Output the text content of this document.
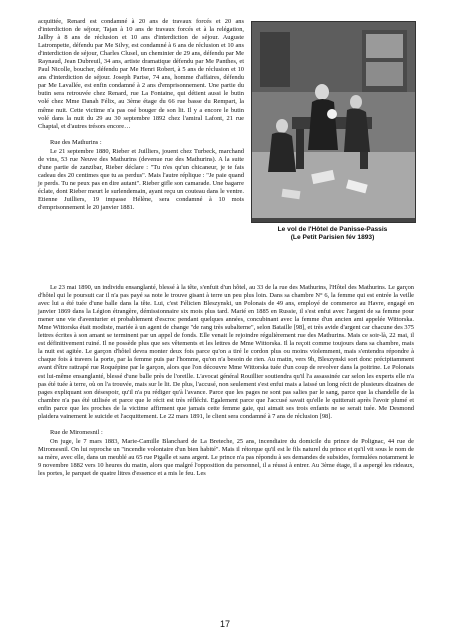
acquittée, Renard est condamné à 20 ans de travaux forcés et 20 ans d'interdiction de séjour, Tajan à 10 ans de travaux forcés et à la relégation, Jallby à 8 ans de réclusion et 10 ans d'interdiction de séjour. Auguste Latrompette, défendu par Me Silvy, est condamné à 6 ans de réclusion et 10 ans d'interdiction de séjour, Charles Clusel, un cheminier de 29 ans, défendu par Me Raynaud, Jean Dubreuil, 34 ans, artiste dramatique défendu par Me Panthes, et Paul Nicolle, boucher, défendu par Me Henri Robert, à 5 ans de réclusion et 10 ans d'interdiction de séjour. Joseph Parise, 74 ans, homme d'affaires, défendu par Me Lavallée, est enfin condamné à 2 ans d'emprisonnement. Une partie du butin sera retrouvée chez Renard, rue La Fontaine, qui détient aussi le butin volé chez Mme Danah Félix, au 3ème étage du 66 rue basse du Rempart, la même nuit. Cette victime n'a pas osé bouger de son lit. Il y a encore le butin volé dans la nuit du 29 au 30 septembre 1892 chez l'amiral Lafont, 21 rue Chaptal, et d'autres trésors encore…

Rue des Mathurins :

Le 21 septembre 1880, Rieber et Juilliers, jouent chez Turbeck, marchand de vins, 53 rue Neuve des Mathurins (devenue rue des Mathurins). A la suite d'une partie de zanzibar, Rieber déclare : "Tu n'es qu'un chicaneur, je te fais cadeau des 20 centimes que tu as perdus". Mais l'autre réplique : "Je paie quand je perds. Tu ne peux pas en dire autant". Rieber gifle son camarade. Une bagarre éclate, dont Rieber meurt le surlendemain, ayant reçu un couteau dans le ventre. Etienne Juilliers, 19 impasse Hélène, sera condamné à 10 mois d'emprisonnement le 20 janvier 1881.

Le vol de l'Hôtel de Panisse-Passis
(Le Petit Parisien fév 1893)

Le 23 mai 1890, un individu ensanglanté, blessé à la tête, s'enfuit d'un hôtel, au 33 de la rue des Mathurins, l'Hôtel des Mathurins. Le garçon d'hôtel qui le poursuit car il n'a pas payé sa note le trouve gisant à terre un peu plus loin. Dans sa chambre N° 6, la femme qui est entrée la veille avec lui a été tuée d'une balle dans la tête. Lui, c'est Félicien Bleszynski, un Polonais de 49 ans, employé de commerce au Havre, engagé en janvier 1869 dans la Légion étrangère, démissionnaire six mois plus tard. Marié en 1885 en Russie, il s'est enfui avec l'argent de sa femme pour mener une vie d'aventurier et probablement d'escroc pendant quelques années, concubinant avec la femme d'un ancien ami appelée Wittorska. Mme Wittorska était modiste, mariée à un agent de change "de rang très subalterne", selon Bataille [98], et très avide d'argent car chacune des 375 lettres écrites à son amant se terminent par un appel de fonds. Elle venait le rejoindre régulièrement rue des Mathurins. Mais ce soir-là, 22 mai, il est définitivement ruiné. Il ne possède plus que ses vêtements et les lettres de Mme Wittorska. Il la reçoit comme toujours dans sa chambre, mais la nuit est agitée. Le garçon d'hôtel devra monter deux fois parce qu'on a tiré le cordon plus ou moins violemment, mais s'entendra répondre à chaque fois à travers la porte, par la femme puis par l'homme, qu'on n'a besoin de rien. Au matin, vers 9h, Bleszynski sort donc précipitamment avant d'être rattrapé rue Roquépine par le garçon, alors que l'on découvre Mme Wittorska tuée d'un coup de revolver dans la poitrine. Le Polonais est lui-même ensanglanté, blessé d'une balle près de l'oreille. L'avocat général Rouillier soutiendra qu'il l'a assassinée car selon les experts elle n'a pas été tuée à terre, où on l'a trouvée, mais sur le lit. De plus, l'accusé, non seulement s'est enfui mais a laissé un long récit de plusieurs dizaines de pages expliquant son désespoir, qu'il n'a pu rédiger qu'à l'avance. Parce que les pages ne sont pas salies par le sang, parce que la chandelle de la chambre n'a pas été utilisée et parce que le récit est très réfléchi. Egalement parce que l'accusé savait qu'elle le quitterait après l'avoir plumé et enfin parce que les proches de la victime affirment que jamais cette femme gaie, qui aimait ses trois enfants ne se serait tuée. Me Desmond plaidera vainement le suicide et l'acquittement. Le 22 mars 1891, le client sera condamné à 7 ans de réclusion [98].

Rue de Miromesnil :

On juge, le 7 mars 1883, Marie-Camille Blanchard de La Breteche, 25 ans, incendiaire du domicile du prince de Polignac, 44 rue de Miromesnil. On lui reproche un "incendie volontaire d'un bien habité". Mais il rétorque qu'il est le fils naturel du prince et qu'il vit sous le nom de sa mère, avec elle, dans un meublé au 65 rue Pigalle et sans argent. Le prince n'a pas répondu à ses demandes de subsides, formulées notamment le 9 novembre 1882 vers 10 heures du matin, alors que malgré l'opposition du personnel, il a réussi à entrer. Au 3ème étage, il a aspergé les rideaux, les portes, le parquet de quatre litres d'essence et a mis le feu. Les

17
